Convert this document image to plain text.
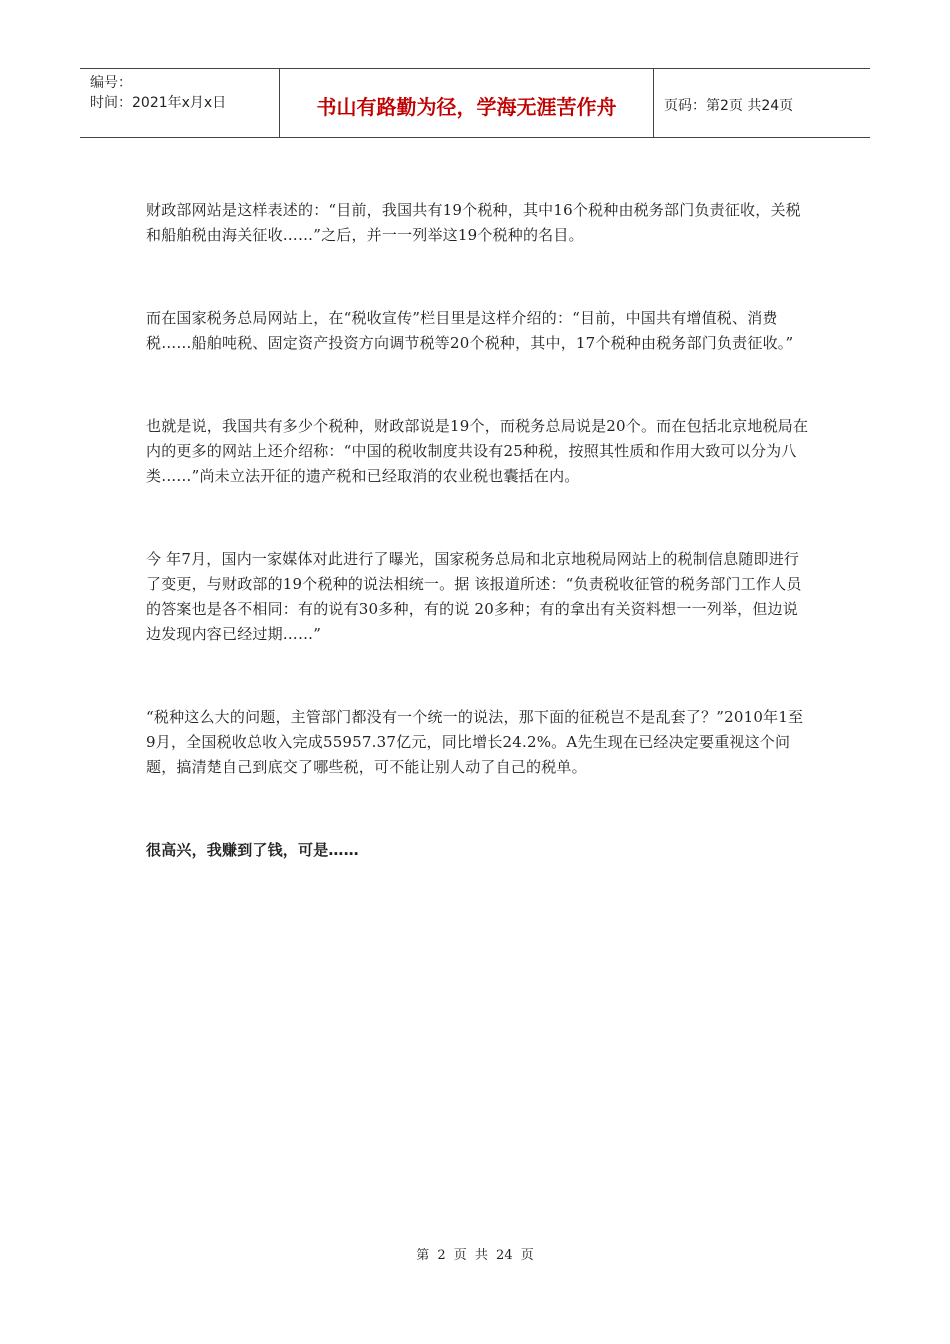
编号：
时间：2021年x月x日	书山有路勤为径，学海无涯苦作舟	页码：第2页 共24页

财政部网站是这样表述的：“目前，我国共有19个税种，其中16个税种由税务部门负责征收，关税和船舶税由海关征收……”之后，并一一列举这19个税种的名目。

而在国家税务总局网站上，在“税收宣传”栏目里是这样介绍的：“目前，中国共有增值税、消费税……船舶吨税、固定资产投资方向调节税等20个税种，其中，17个税种由税务部门负责征收。”

也就是说，我国共有多少个税种，财政部说是19个，而税务总局说是20个。而在包括北京地税局在内的更多的网站上还介绍称：“中国的税收制度共设有25种税，按照其性质和作用大致可以分为八类……”尚未立法开征的遗产税和已经取消的农业税也囊括在内。

今 年7月，国内一家媒体对此进行了曝光，国家税务总局和北京地税局网站上的税制信息随即进行了变更，与财政部的19个税种的说法相统一。据 该报道所述：“负责税收征管的税务部门工作人员的答案也是各不相同：有的说有30多种，有的说 20多种；有的拿出有关资料想一一列举，但边说边发现内容已经过期……”

“税种这么大的问题，主管部门都没有一个统一的说法，那下面的征税岂不是乱套了？”2010年1至9月，全国税收总收入完成55957.37亿元，同比增长24.2%。A先生现在已经决定要重视这个问题，搞清楚自己到底交了哪些税，可不能让别人动了自己的税单。

很高兴，我赚到了钱，可是……

第 2 页 共 24 页
